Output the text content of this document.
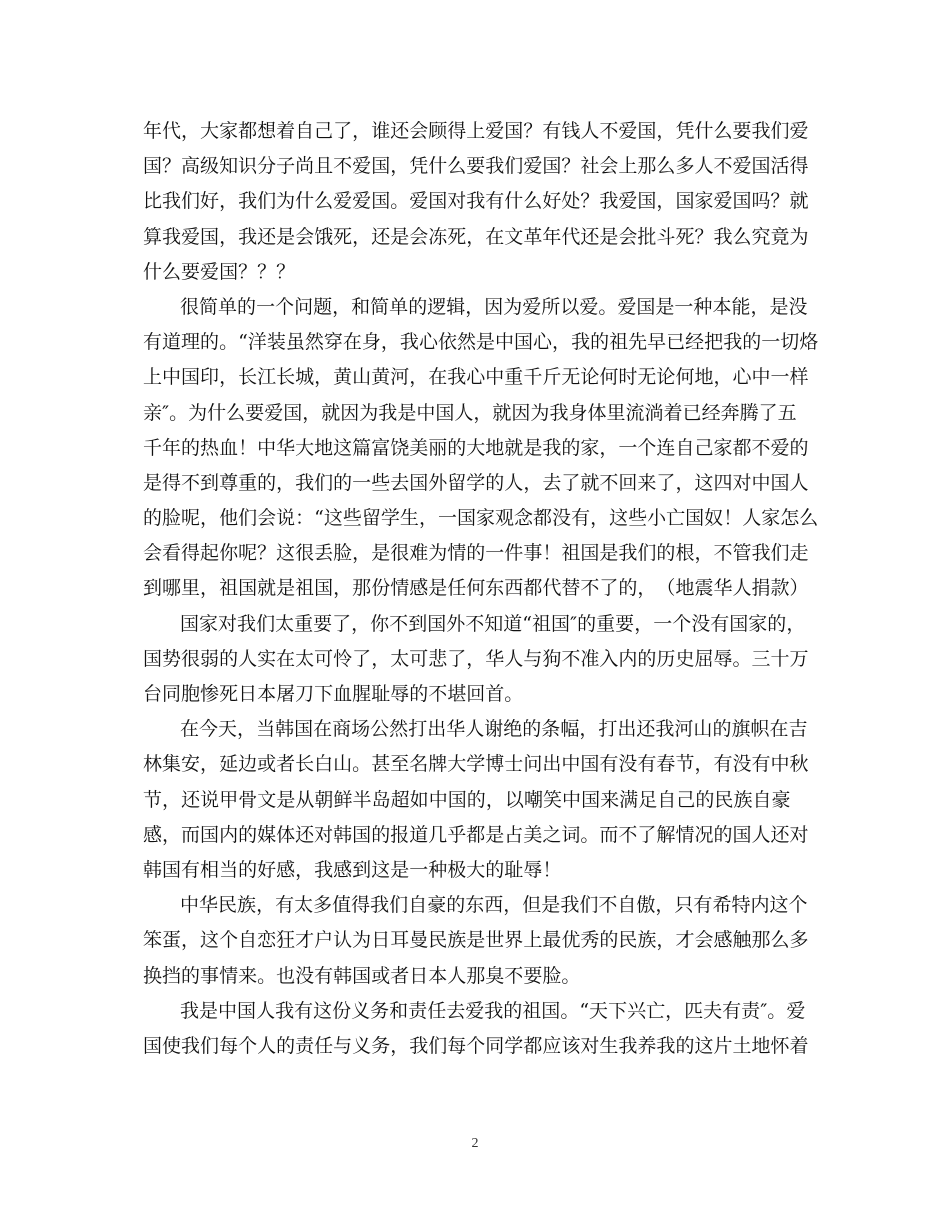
年 代 ， 大 家 都 想 着 自 己 了 ， 谁 还 会 顾 得 上 爱 国 ？ 有 钱 人 不 爱 国 ， 凭 什 么 要 我 们 爱
国 ？ 高 级 知 识 分 子 尚 且 不 爱 国 ， 凭 什 么 要 我 们 爱 国 ？ 社 会 上 那 么 多 人 不 爱 国 活 得
比 我 们 好 ， 我 们 为 什 么 爱 爱 国 。 爱 国 对 我 有 什 么 好 处 ？ 我 爱 国 ， 国 家 爱 国 吗 ？ 就
算 我 爱 国 ， 我 还 是 会 饿 死 ， 还 是 会 冻 死 ， 在 文 革 年 代 还 是 会 批 斗 死 ？ 我 么 究 竟 为
什 么 要 爱 国 ？ ？ ？
很 简 单 的 一 个 问 题 ， 和 简 单 的 逻 辑 ， 因 为 爱 所 以 爱 。 爱 国 是 一 种 本 能 ， 是 没
有 道 理 的 。 “ 洋 装 虽 然 穿 在 身 ， 我 心 依 然 是 中 国 心 ， 我 的 祖 先 早 已 经 把 我 的 一 切 烙
上 中 国 印 ， 长 江 长 城 ， 黄 山 黄 河 ， 在 我 心 中 重 千 斤 无 论 何 时 无 论 何 地 ， 心 中 一 样
亲 ″ 。 为 什 么 要 爱 国 ， 就 因 为 我 是 中 国 人 ， 就 因 为 我 身 体 里 流 淌 着 已 经 奔 腾 了 五
千 年 的 热 血 ！ 中 华 大 地 这 篇 富 饶 美 丽 的 大 地 就 是 我 的 家 ， 一 个 连 自 己 家 都 不 爱 的
是 得 不 到 尊 重 的 ， 我 们 的 一 些 去 国 外 留 学 的 人 ， 去 了 就 不 回 来 了 ， 这 四 对 中 国 人
的 脸 呢 ， 他 们 会 说 ： “ 这 些 留 学 生 ， 一 国 家 观 念 都 没 有 ， 这 些 小 亡 国 奴 ！ 人 家 怎 么
会 看 得 起 你 呢 ？ 这 很 丢 脸 ， 是 很 难 为 情 的 一 件 事 ！ 祖 国 是 我 们 的 根 ， 不 管 我 们 走
到 哪 里 ， 祖 国 就 是 祖 国 ， 那 份 情 感 是 任 何 东 西 都 代 替 不 了 的 ， （ 地 震 华 人 捐 款 ）
国 家 对 我 们 太 重 要 了 ， 你 不 到 国 外 不 知 道 “ 祖 国 ″ 的 重 要 ， 一 个 没 有 国 家 的 ，
国 势 很 弱 的 人 实 在 太 可 怜 了 ， 太 可 悲 了 ， 华 人 与 狗 不 准 入 内 的 历 史 屈 辱 。 三 十 万
台 同 胞 惨 死 日 本 屠 刀 下 血 腥 耻 辱 的 不 堪 回 首 。
在 今 天 ， 当 韩 国 在 商 场 公 然 打 出 华 人 谢 绝 的 条 幅 ， 打 出 还 我 河 山 的 旗 帜 在 吉
林 集 安 ， 延 边 或 者 长 白 山 。 甚 至 名 牌 大 学 博 士 问 出 中 国 有 没 有 春 节 ， 有 没 有 中 秋
节 ， 还 说 甲 骨 文 是 从 朝 鲜 半 岛 超 如 中 国 的 ， 以 嘲 笑 中 国 来 满 足 自 己 的 民 族 自 豪
感 ， 而 国 内 的 媒 体 还 对 韩 国 的 报 道 几 乎 都 是 占 美 之 词 。 而 不 了 解 情 况 的 国 人 还 对
韩 国 有 相 当 的 好 感 ， 我 感 到 这 是 一 种 极 大 的 耻 辱 ！
中 华 民 族 ， 有 太 多 值 得 我 们 自 豪 的 东 西 ， 但 是 我 们 不 自 傲 ， 只 有 希 特 内 这 个
笨 蛋 ， 这 个 自 恋 狂 才 户 认 为 日 耳 曼 民 族 是 世 界 上 最 优 秀 的 民 族 ， 才 会 感 触 那 么 多
换 挡 的 事 情 来 。 也 没 有 韩 国 或 者 日 本 人 那 臭 不 要 脸 。
我 是 中 国 人 我 有 这 份 义 务 和 责 任 去 爱 我 的 祖 国 。 “ 天 下 兴 亡 ， 匹 夫 有 责 ″ 。 爱
国 使 我 们 每 个 人 的 责 任 与 义 务 ， 我 们 每 个 同 学 都 应 该 对 生 我 养 我 的 这 片 土 地 怀 着
2
